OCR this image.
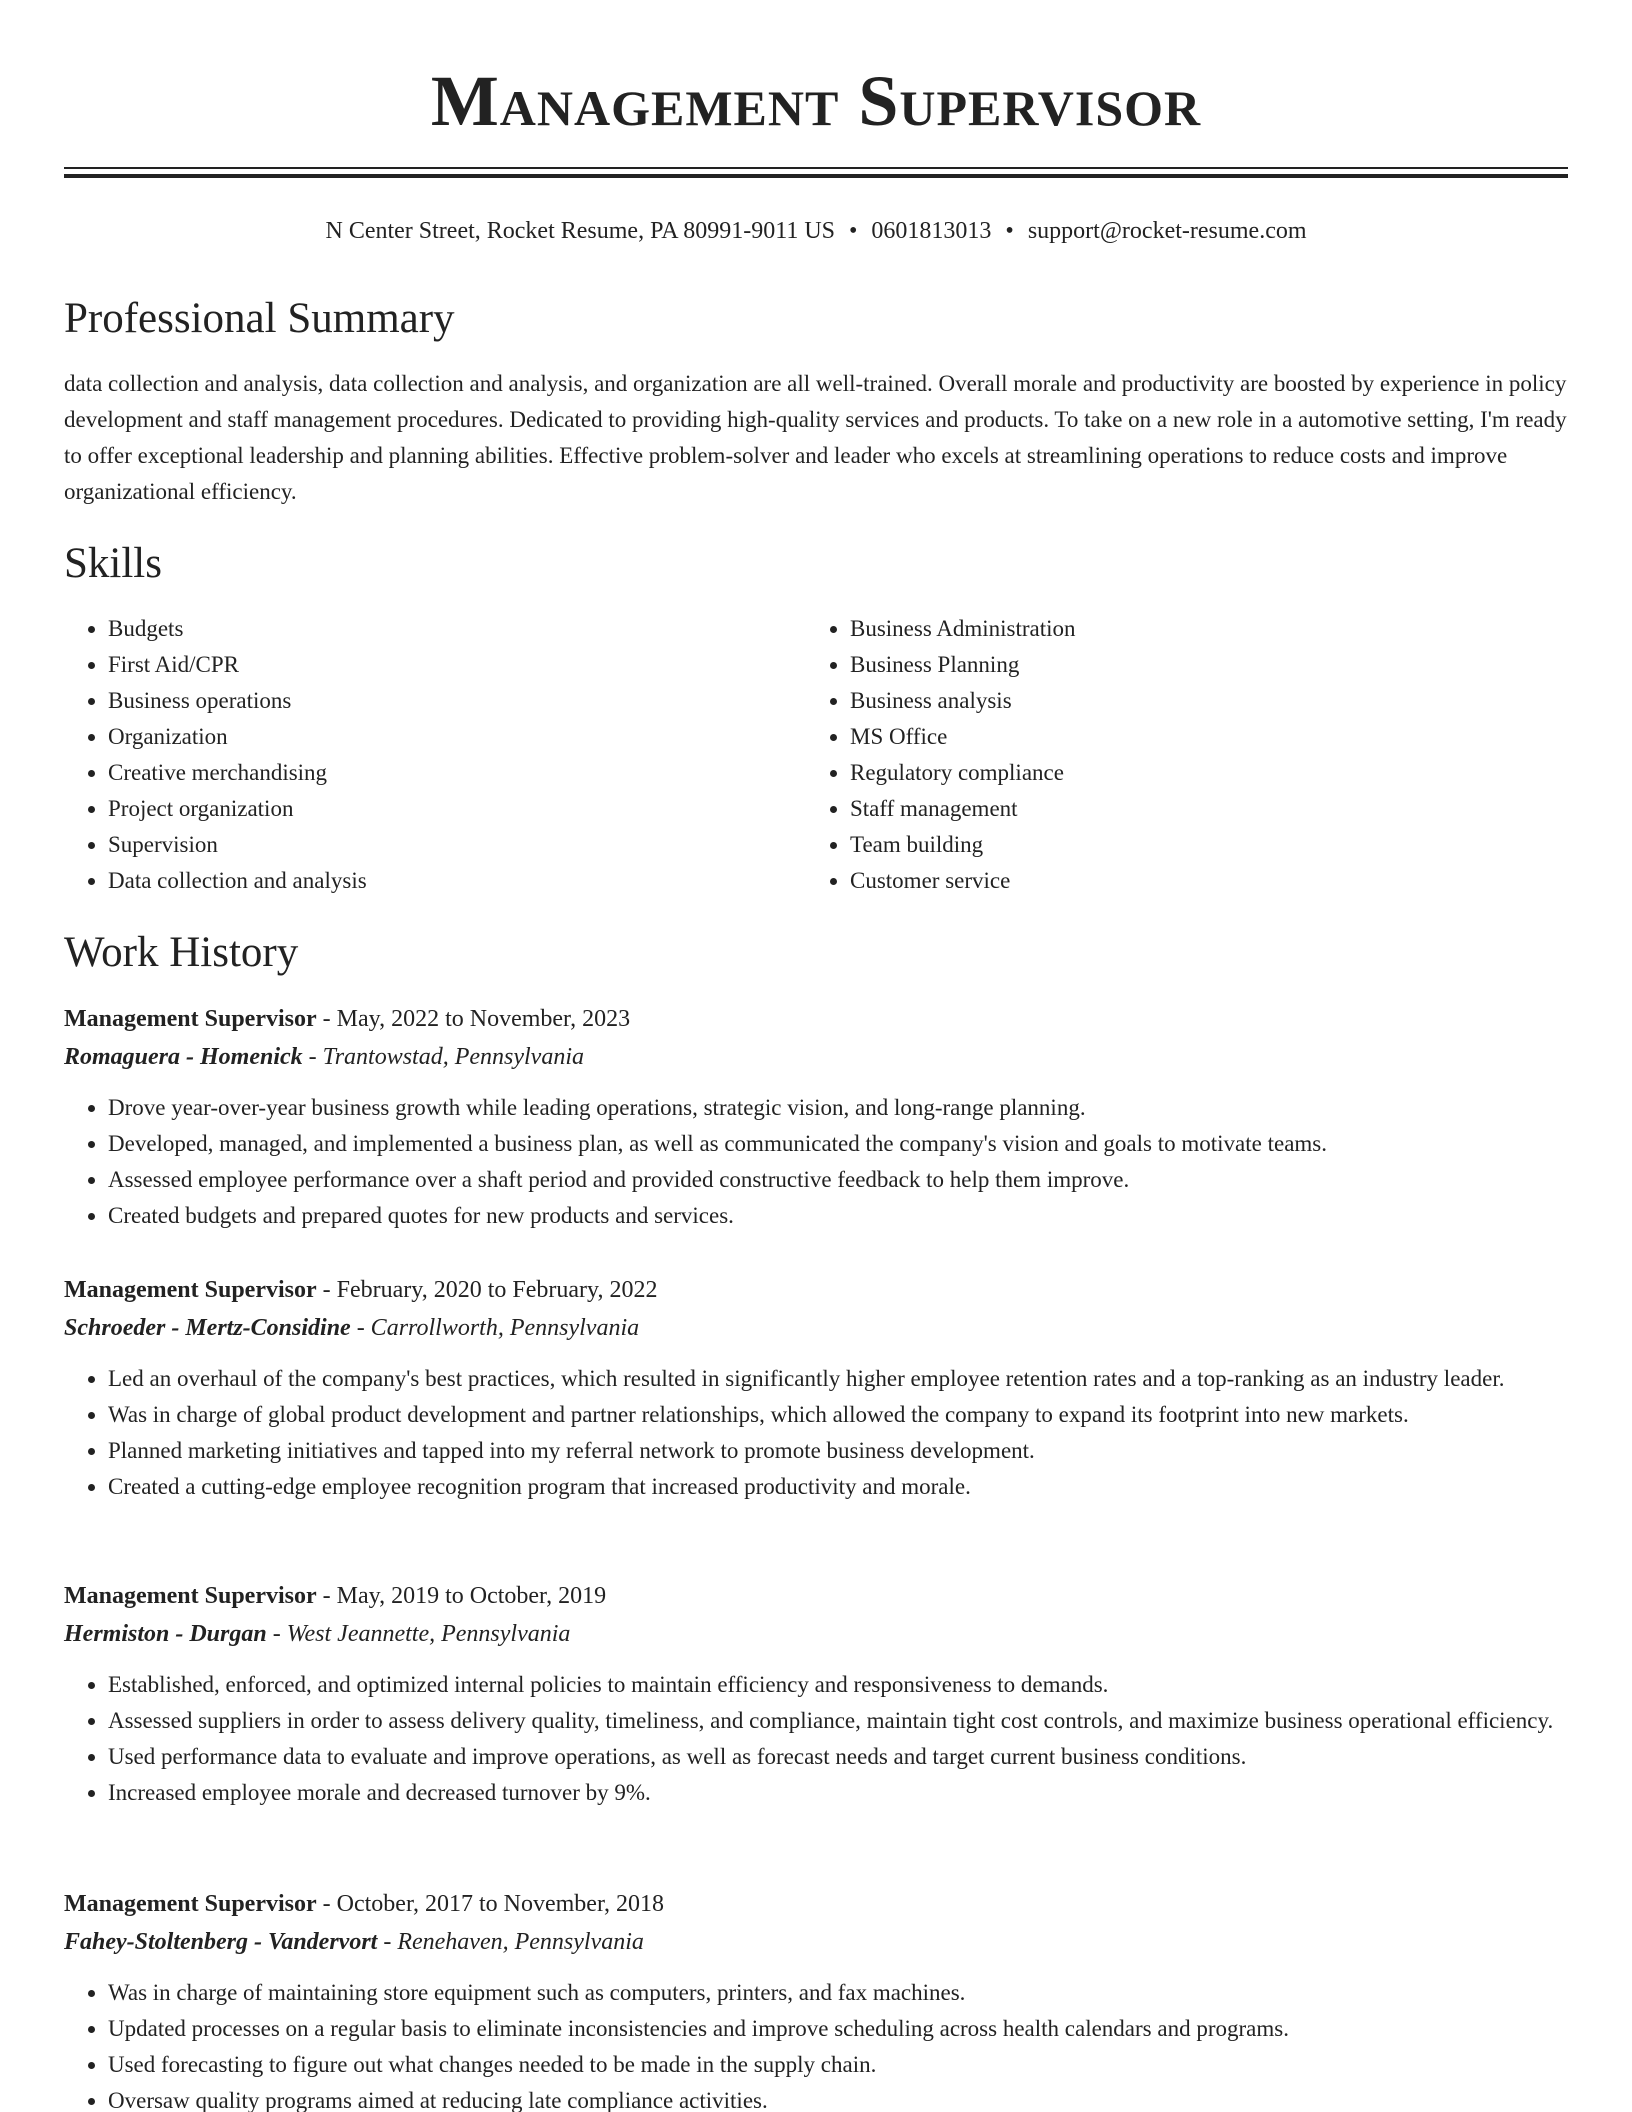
Management Supervisor
N Center Street, Rocket Resume, PA 80991-9011 US • 0601813013 • support@rocket-resume.com
Professional Summary

data collection and analysis, data collection and analysis, and organization are all well-trained. Overall morale and productivity are boosted by experience in policy development and staff management procedures. Dedicated to providing high-quality services and products. To take on a new role in a automotive setting, I'm ready to offer exceptional leadership and planning abilities. Effective problem-solver and leader who excels at streamlining operations to reduce costs and improve organizational efficiency.

Skills
• Budgets
• First Aid/CPR
• Business operations
• Organization
• Creative merchandising
• Project organization
• Supervision
• Data collection and analysis
• Business Administration
• Business Planning
• Business analysis
• MS Office
• Regulatory compliance
• Staff management
• Team building
• Customer service
Work History
Management Supervisor - May, 2022 to November, 2023
Romaguera - Homenick - Trantowstad, Pennsylvania
• Drove year-over-year business growth while leading operations, strategic vision, and long-range planning.
• Developed, managed, and implemented a business plan, as well as communicated the company's vision and goals to motivate teams.
• Assessed employee performance over a shaft period and provided constructive feedback to help them improve.
• Created budgets and prepared quotes for new products and services.
Management Supervisor - February, 2020 to February, 2022
Schroeder - Mertz-Considine - Carrollworth, Pennsylvania
• Led an overhaul of the company's best practices, which resulted in significantly higher employee retention rates and a top-ranking as an industry leader.
• Was in charge of global product development and partner relationships, which allowed the company to expand its footprint into new markets.
• Planned marketing initiatives and tapped into my referral network to promote business development.
• Created a cutting-edge employee recognition program that increased productivity and morale.
Management Supervisor - May, 2019 to October, 2019
Hermiston - Durgan - West Jeannette, Pennsylvania
• Established, enforced, and optimized internal policies to maintain efficiency and responsiveness to demands.
• Assessed suppliers in order to assess delivery quality, timeliness, and compliance, maintain tight cost controls, and maximize business operational efficiency.
• Used performance data to evaluate and improve operations, as well as forecast needs and target current business conditions.
• Increased employee morale and decreased turnover by 9%.
Management Supervisor - October, 2017 to November, 2018
Fahey-Stoltenberg - Vandervort - Renehaven, Pennsylvania
• Was in charge of maintaining store equipment such as computers, printers, and fax machines.
• Updated processes on a regular basis to eliminate inconsistencies and improve scheduling across health calendars and programs.
• Used forecasting to figure out what changes needed to be made in the supply chain.
• Oversaw quality programs aimed at reducing late compliance activities.
